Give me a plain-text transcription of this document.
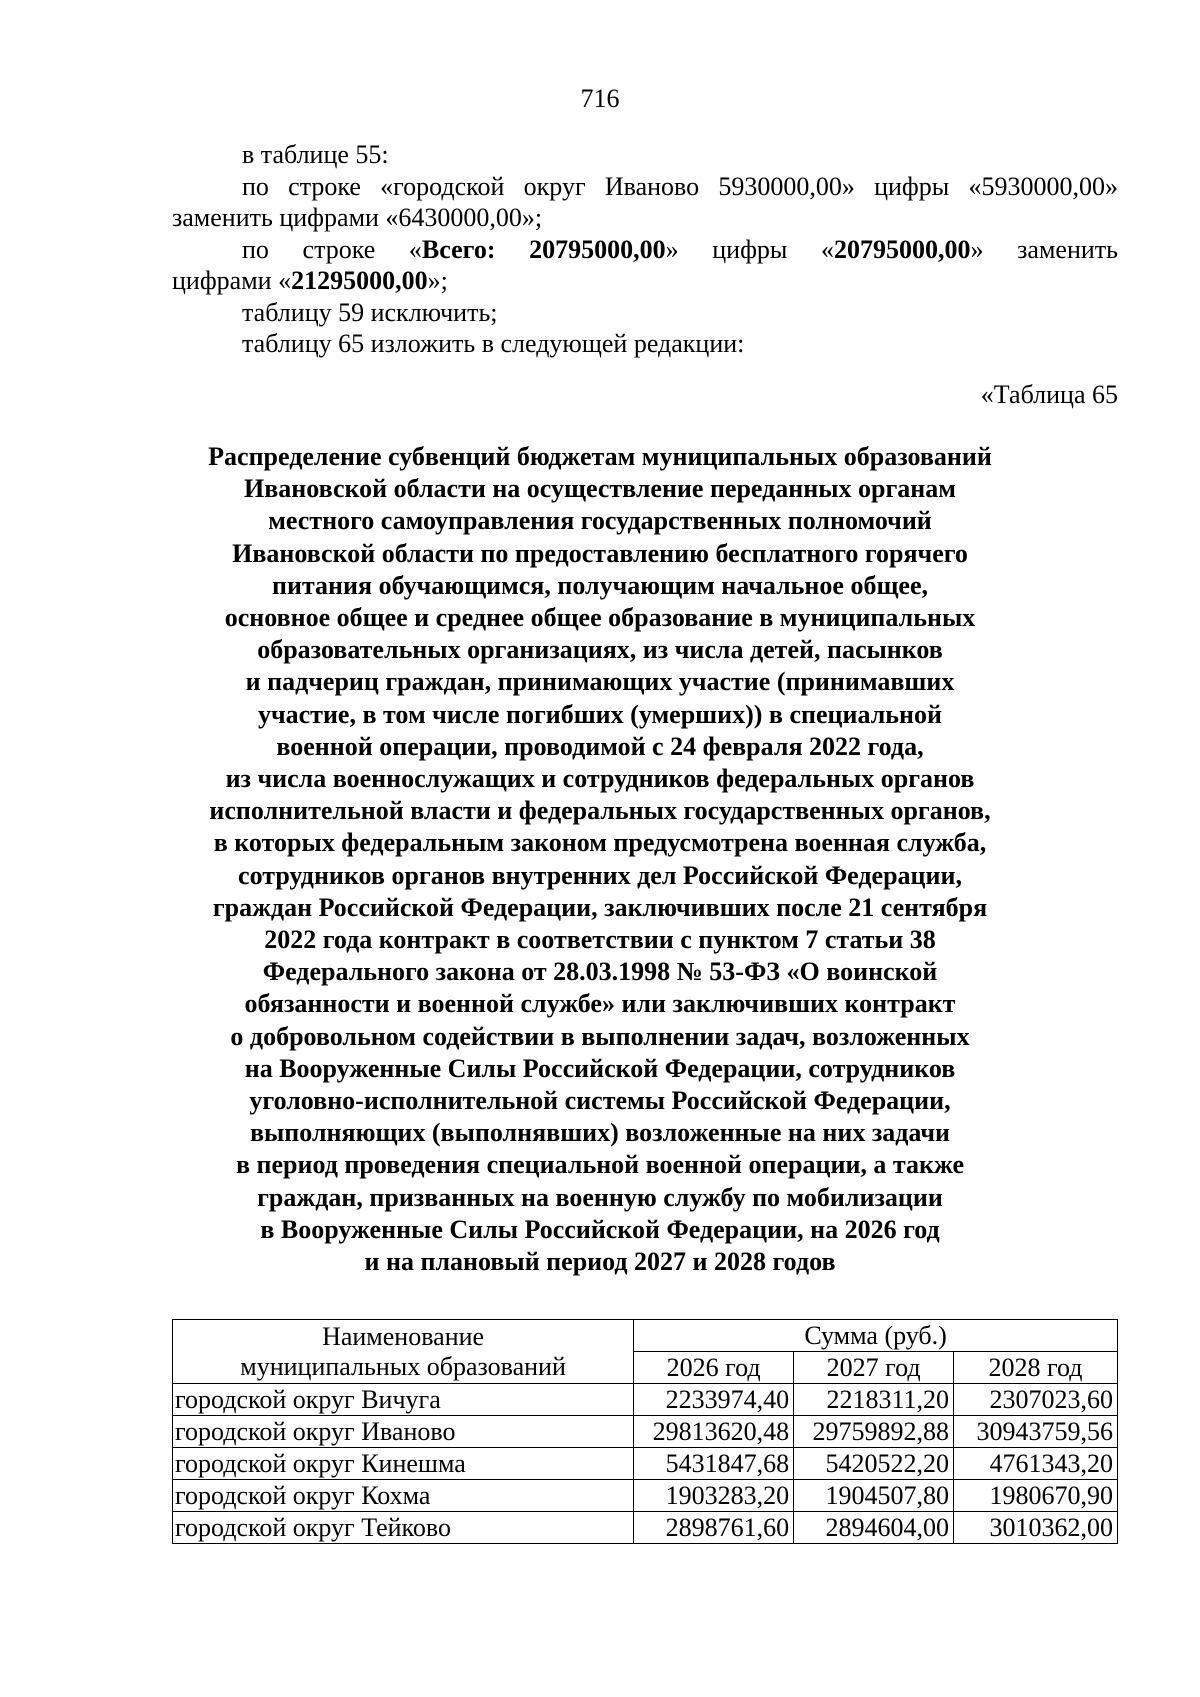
716
в таблице 55:
по строке «городской округ Иваново 5930000,00» цифры «5930000,00»
заменить цифрами «6430000,00»;
по строке «Всего: 20795000,00» цифры «20795000,00» заменить
цифрами «21295000,00»;
таблицу 59 исключить;
таблицу 65 изложить в следующей редакции:
«Таблица 65
Распределение субвенций бюджетам муниципальных образований
Ивановской области на осуществление переданных органам
местного самоуправления государственных полномочий
Ивановской области по предоставлению бесплатного горячего
питания обучающимся, получающим начальное общее,
основное общее и среднее общее образование в муниципальных
образовательных организациях, из числа детей, пасынков
и падчериц граждан, принимающих участие (принимавших
участие, в том числе погибших (умерших)) в специальной
военной операции, проводимой с 24 февраля 2022 года,
из числа военнослужащих и сотрудников федеральных органов
исполнительной власти и федеральных государственных органов,
в которых федеральным законом предусмотрена военная служба,
сотрудников органов внутренних дел Российской Федерации,
граждан Российской Федерации, заключивших после 21 сентября
2022 года контракт в соответствии с пунктом 7 статьи 38
Федерального закона от 28.03.1998 № 53-ФЗ «О воинской
обязанности и военной службе» или заключивших контракт
о добровольном содействии в выполнении задач, возложенных
на Вооруженные Силы Российской Федерации, сотрудников
уголовно-исполнительной системы Российской Федерации,
выполняющих (выполнявших) возложенные на них задачи
в период проведения специальной военной операции, а также
граждан, призванных на военную службу по мобилизации
в Вооруженные Силы Российской Федерации, на 2026 год
и на плановый период 2027 и 2028 годов
Наименование
муниципальных образований	Сумма (руб.)		
	2026 год	2027 год	2028 год
городской округ Вичуга	2233974,40	2218311,20	2307023,60
городской округ Иваново	29813620,48	29759892,88	30943759,56
городской округ Кинешма	5431847,68	5420522,20	4761343,20
городской округ Кохма	1903283,20	1904507,80	1980670,90
городской округ Тейково	2898761,60	2894604,00	3010362,00
